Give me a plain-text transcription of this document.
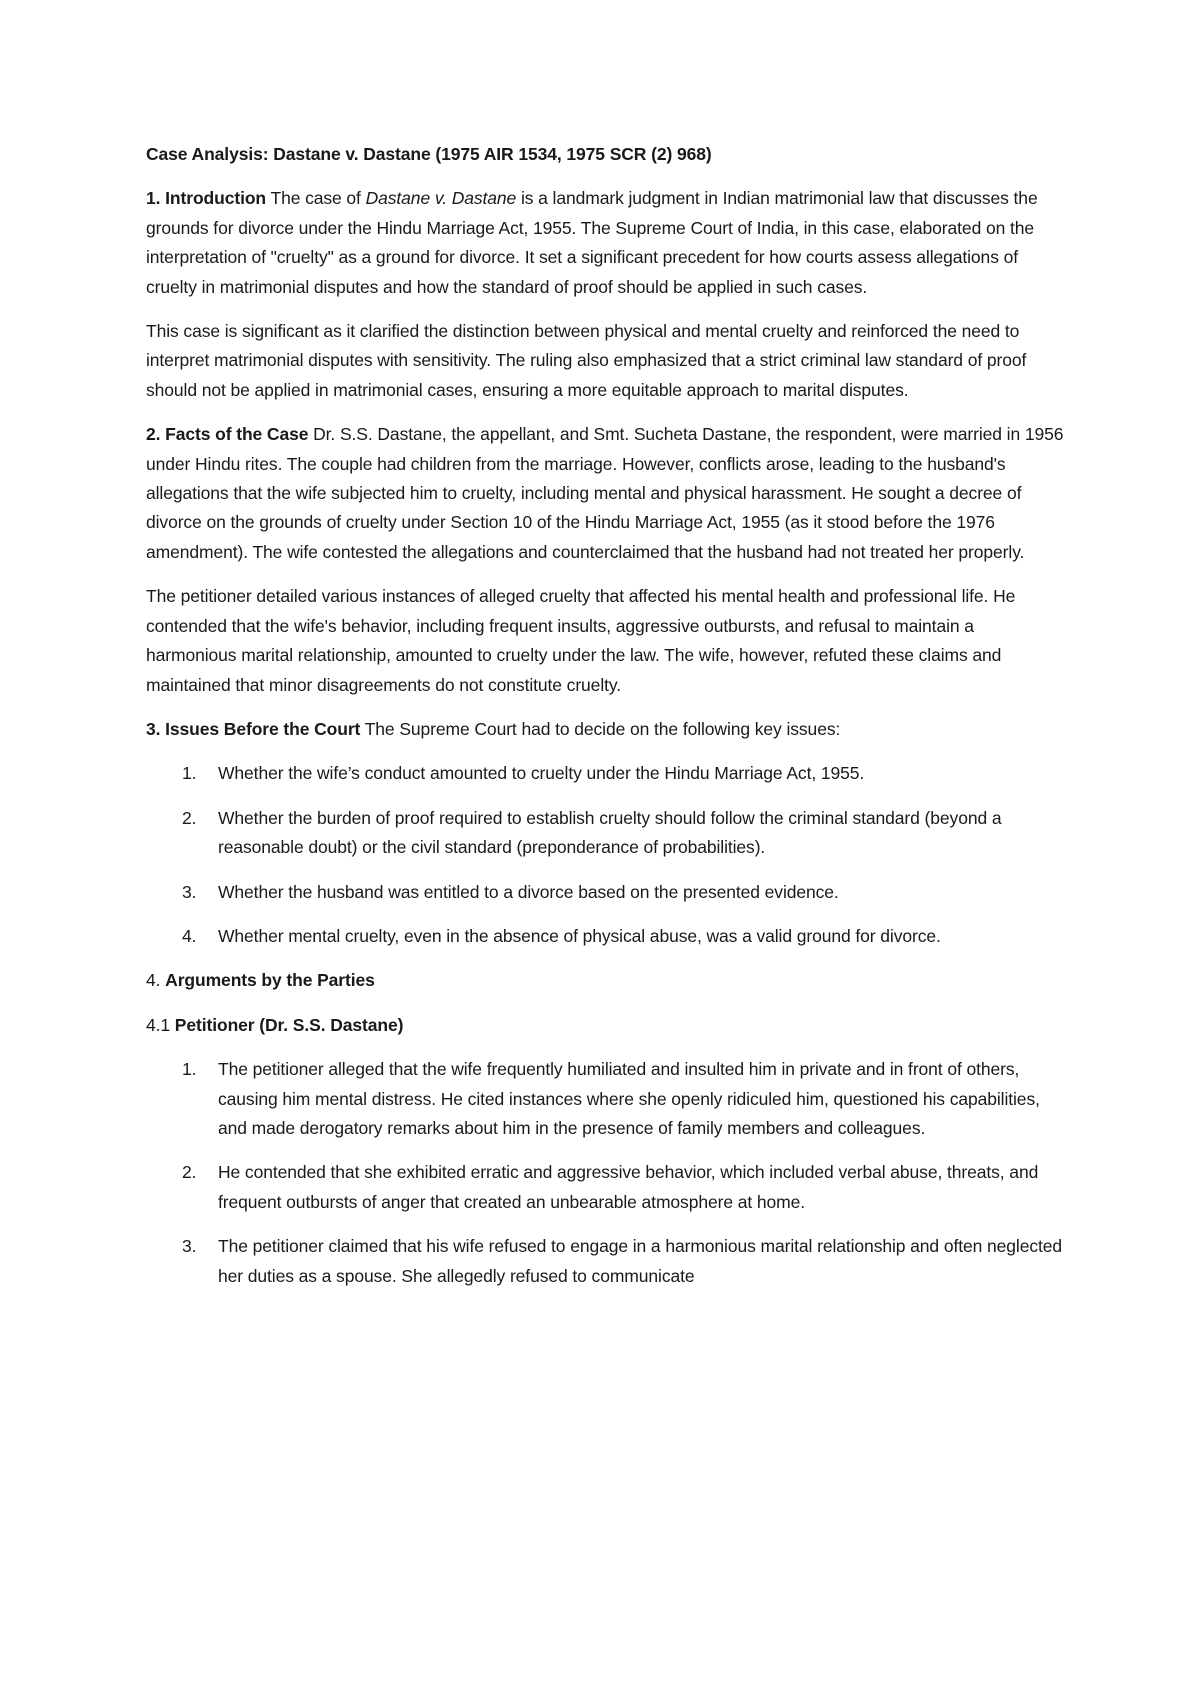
Case Analysis: Dastane v. Dastane (1975 AIR 1534, 1975 SCR (2) 968)

1. Introduction The case of Dastane v. Dastane is a landmark judgment in Indian matrimonial law that discusses the grounds for divorce under the Hindu Marriage Act, 1955. The Supreme Court of India, in this case, elaborated on the interpretation of "cruelty" as a ground for divorce. It set a significant precedent for how courts assess allegations of cruelty in matrimonial disputes and how the standard of proof should be applied in such cases.

This case is significant as it clarified the distinction between physical and mental cruelty and reinforced the need to interpret matrimonial disputes with sensitivity. The ruling also emphasized that a strict criminal law standard of proof should not be applied in matrimonial cases, ensuring a more equitable approach to marital disputes.

2. Facts of the Case Dr. S.S. Dastane, the appellant, and Smt. Sucheta Dastane, the respondent, were married in 1956 under Hindu rites. The couple had children from the marriage. However, conflicts arose, leading to the husband's allegations that the wife subjected him to cruelty, including mental and physical harassment. He sought a decree of divorce on the grounds of cruelty under Section 10 of the Hindu Marriage Act, 1955 (as it stood before the 1976 amendment). The wife contested the allegations and counterclaimed that the husband had not treated her properly.

The petitioner detailed various instances of alleged cruelty that affected his mental health and professional life. He contended that the wife's behavior, including frequent insults, aggressive outbursts, and refusal to maintain a harmonious marital relationship, amounted to cruelty under the law. The wife, however, refuted these claims and maintained that minor disagreements do not constitute cruelty.

3. Issues Before the Court The Supreme Court had to decide on the following key issues:

1. Whether the wife’s conduct amounted to cruelty under the Hindu Marriage Act, 1955.
2. Whether the burden of proof required to establish cruelty should follow the criminal standard (beyond a reasonable doubt) or the civil standard (preponderance of probabilities).
3. Whether the husband was entitled to a divorce based on the presented evidence.
4. Whether mental cruelty, even in the absence of physical abuse, was a valid ground for divorce.

4. Arguments by the Parties

4.1 Petitioner (Dr. S.S. Dastane)

1. The petitioner alleged that the wife frequently humiliated and insulted him in private and in front of others, causing him mental distress. He cited instances where she openly ridiculed him, questioned his capabilities, and made derogatory remarks about him in the presence of family members and colleagues.
2. He contended that she exhibited erratic and aggressive behavior, which included verbal abuse, threats, and frequent outbursts of anger that created an unbearable atmosphere at home.
3. The petitioner claimed that his wife refused to engage in a harmonious marital relationship and often neglected her duties as a spouse. She allegedly refused to communicate
